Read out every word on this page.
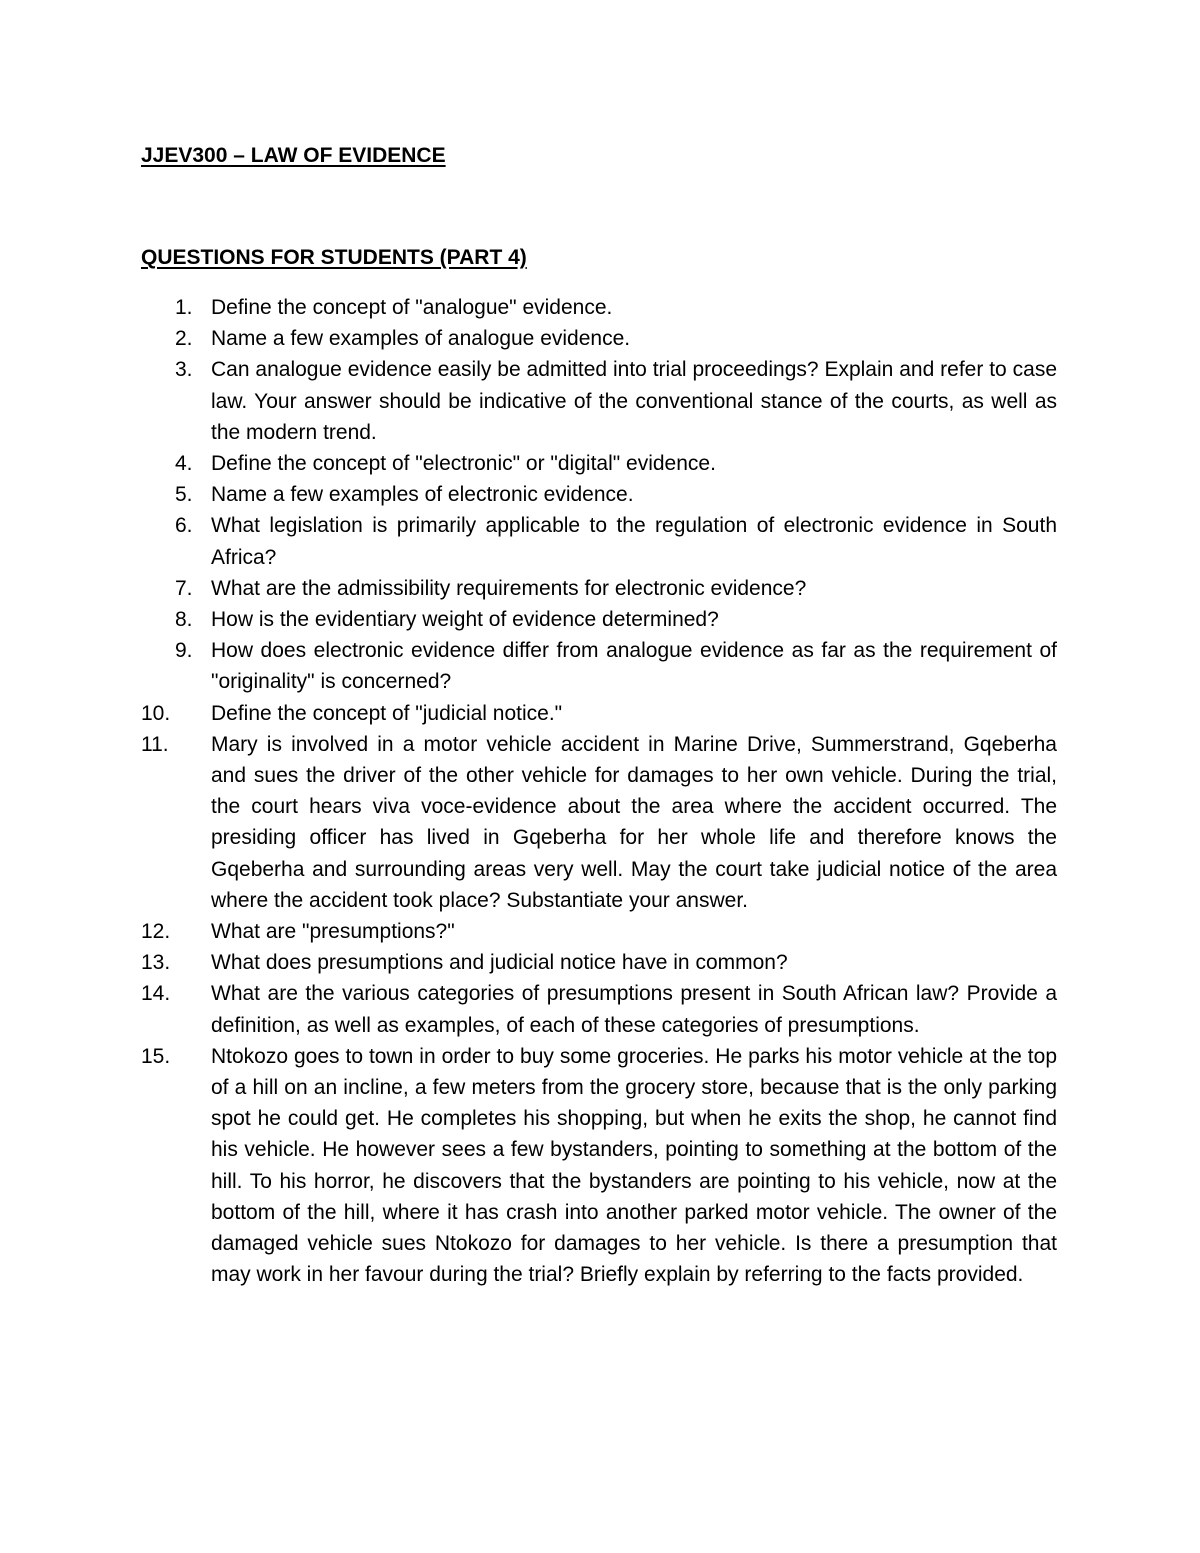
JJEV300 – LAW OF EVIDENCE
QUESTIONS FOR STUDENTS (PART 4)
1. Define the concept of "analogue" evidence.
2. Name a few examples of analogue evidence.
3. Can analogue evidence easily be admitted into trial proceedings? Explain and refer to case law. Your answer should be indicative of the conventional stance of the courts, as well as the modern trend.
4. Define the concept of "electronic" or "digital" evidence.
5. Name a few examples of electronic evidence.
6. What legislation is primarily applicable to the regulation of electronic evidence in South Africa?
7. What are the admissibility requirements for electronic evidence?
8. How is the evidentiary weight of evidence determined?
9. How does electronic evidence differ from analogue evidence as far as the requirement of "originality" is concerned?
10.	Define the concept of "judicial notice."
11.	Mary is involved in a motor vehicle accident in Marine Drive, Summerstrand, Gqeberha and sues the driver of the other vehicle for damages to her own vehicle. During the trial, the court hears viva voce-evidence about the area where the accident occurred. The presiding officer has lived in Gqeberha for her whole life and therefore knows the Gqeberha and surrounding areas very well. May the court take judicial notice of the area where the accident took place? Substantiate your answer.
12.	What are "presumptions?"
13.	What does presumptions and judicial notice have in common?
14.	What are the various categories of presumptions present in South African law? Provide a definition, as well as examples, of each of these categories of presumptions.
15.	Ntokozo goes to town in order to buy some groceries. He parks his motor vehicle at the top of a hill on an incline, a few meters from the grocery store, because that is the only parking spot he could get. He completes his shopping, but when he exits the shop, he cannot find his vehicle. He however sees a few bystanders, pointing to something at the bottom of the hill. To his horror, he discovers that the bystanders are pointing to his vehicle, now at the bottom of the hill, where it has crash into another parked motor vehicle. The owner of the damaged vehicle sues Ntokozo for damages to her vehicle. Is there a presumption that may work in her favour during the trial? Briefly explain by referring to the facts provided.
